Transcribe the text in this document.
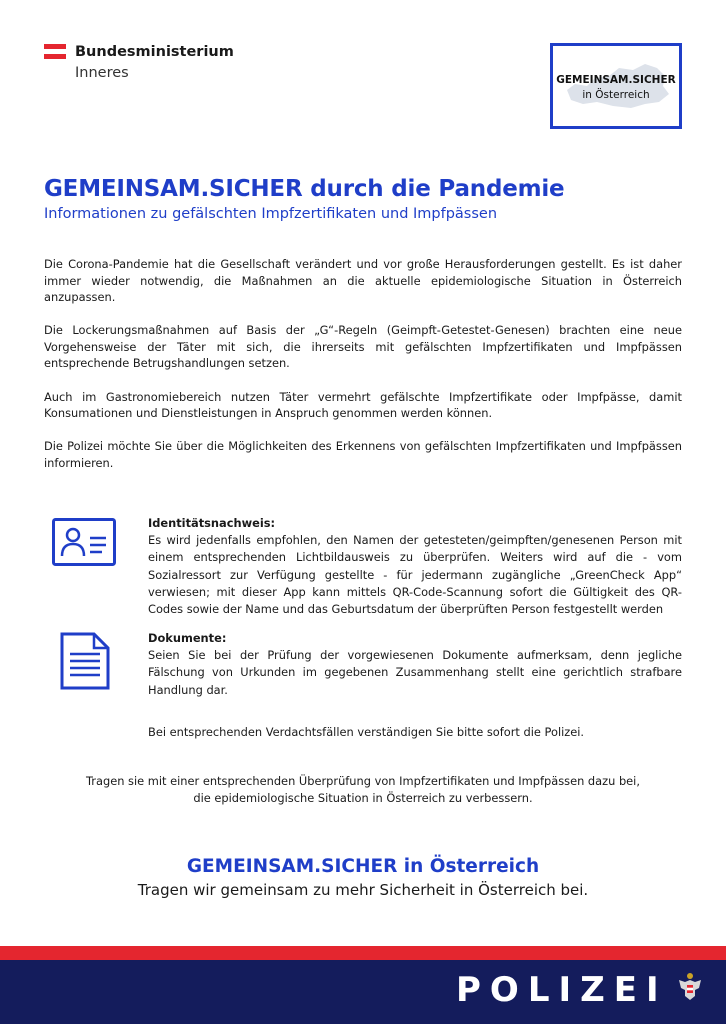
Bundesministerium
Inneres	GEMEINSAM.SICHER
in Österreich
GEMEINSAM.SICHER durch die Pandemie
Informationen zu gefälschten Impfzertifikaten und Impfpässen

Die Corona-Pandemie hat die Gesellschaft verändert und vor große Herausforderungen gestellt. Es ist daher immer wieder notwendig, die Maßnahmen an die aktuelle epidemiologische Situation in Österreich anzupassen.

Die Lockerungsmaßnahmen auf Basis der „G“-Regeln (Geimpft-Getestet-Genesen) brachten eine neue Vorgehensweise der Täter mit sich, die ihrerseits mit gefälschten Impfzertifikaten und Impfpässen entsprechende Betrugshandlungen setzen.

Auch im Gastronomiebereich nutzen Täter vermehrt gefälschte Impfzertifikate oder Impfpässe, damit Konsumationen und Dienstleistungen in Anspruch genommen werden können.

Die Polizei möchte Sie über die Möglichkeiten des Erkennens von gefälschten Impfzertifikaten und Impfpässen informieren.

Identitätsnachweis:
Es wird jedenfalls empfohlen, den Namen der getesteten/geimpften/genesenen Person mit einem entsprechenden Lichtbildausweis zu überprüfen. Weiters wird auf die - vom Sozialressort zur Verfügung gestellte - für jedermann zugängliche „GreenCheck App“ verwiesen; mit dieser App kann mittels QR-Code-Scannung sofort die Gültigkeit des QR-Codes sowie der Name und das Geburtsdatum der überprüften Person festgestellt werden
Dokumente:
Seien Sie bei der Prüfung der vorgewiesenen Dokumente aufmerksam, denn jegliche Fälschung von Urkunden im gegebenen Zusammenhang stellt eine gerichtlich strafbare Handlung dar.
Bei entsprechenden Verdachtsfällen verständigen Sie bitte sofort die Polizei.
Tragen sie mit einer entsprechenden Überprüfung von Impfzertifikaten und Impfpässen dazu bei,
die epidemiologische Situation in Österreich zu verbessern.
GEMEINSAM.SICHER in Österreich
Tragen wir gemeinsam zu mehr Sicherheit in Österreich bei.
POLIZEI
